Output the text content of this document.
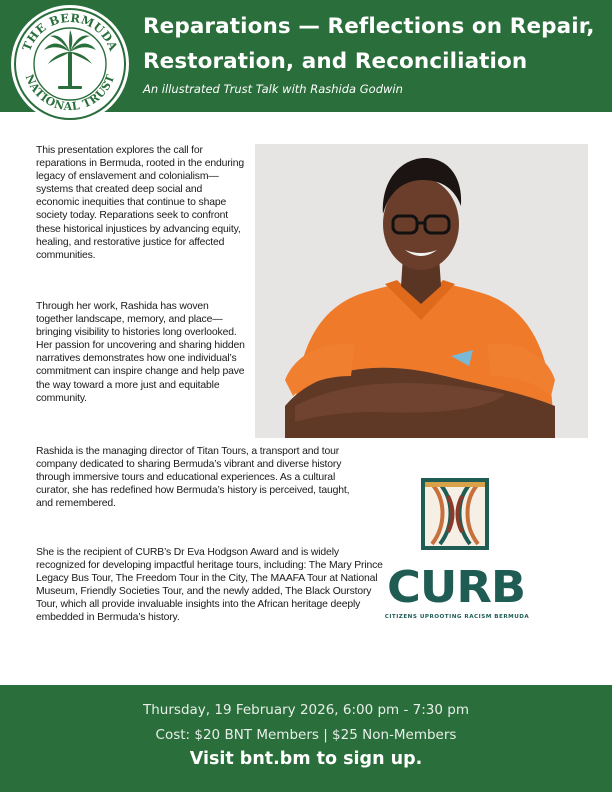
THE BERMUDA
NATIONAL TRUST
Reparations — Reflections on Repair,
Restoration, and Reconciliation
An illustrated Trust Talk with Rashida Godwin

This presentation explores the call for reparations in Bermuda, rooted in the enduring legacy of enslavement and colonialism—systems that created deep social and economic inequities that continue to shape society today. Reparations seek to confront these historical injustices by advancing equity, healing, and restorative justice for affected communities.

Through her work, Rashida has woven together landscape, memory, and place—bringing visibility to histories long overlooked. Her passion for uncovering and sharing hidden narratives demonstrates how one individual’s commitment can inspire change and help pave the way toward a more just and equitable community.

Rashida is the managing director of Titan Tours, a transport and tour company dedicated to sharing Bermuda’s vibrant and diverse history through immersive tours and educational experiences. As a cultural curator, she has redefined how Bermuda’s history is perceived, taught, and remembered.

She is the recipient of CURB’s Dr Eva Hodgson Award and is widely recognized for developing impactful heritage tours, including: The Mary Prince Legacy Bus Tour, The Freedom Tour in the City, The MAAFA Tour at National Museum, Friendly Societies Tour, and the newly added, The Black Ourstory Tour, which all provide invaluable insights into the African heritage deeply embedded in Bermuda’s history.

CURB
CITIZENS UPROOTING RACISM BERMUDA
Thursday, 19 February 2026, 6:00 pm - 7:30 pm
Cost: $20 BNT Members | $25 Non-Members
Visit bnt.bm to sign up.
